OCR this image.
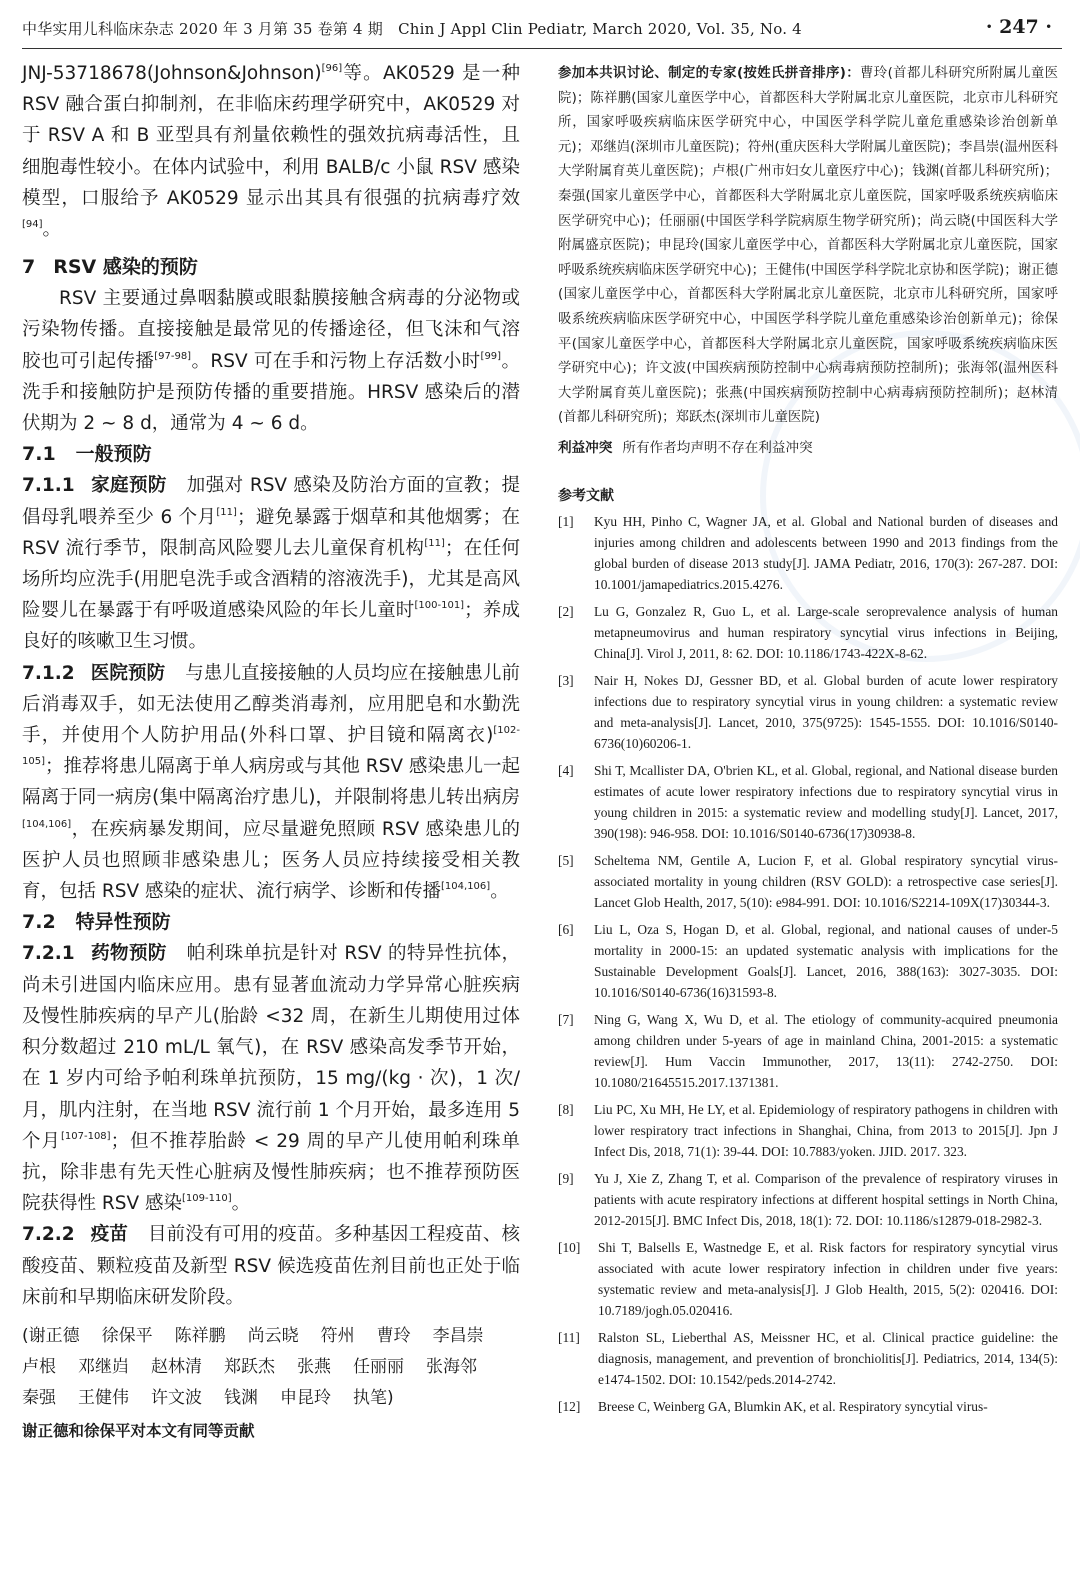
中华实用儿科临床杂志 2020 年 3 月第 35 卷第 4 期　Chin J Appl Clin Pediatr, March 2020, Vol. 35, No. 4	· 247 ·

JNJ-53718678(Johnson&Johnson)[96]等。AK0529 是一种 RSV 融合蛋白抑制剂，在非临床药理学研究中，AK0529 对于 RSV A 和 B 亚型具有剂量依赖性的强效抗病毒活性，且细胞毒性较小。在体内试验中，利用 BALB/c 小鼠 RSV 感染模型，口服给予 AK0529 显示出其具有很强的抗病毒疗效[94]。

7 RSV 感染的预防

RSV 主要通过鼻咽黏膜或眼黏膜接触含病毒的分泌物或污染物传播。直接接触是最常见的传播途径，但飞沫和气溶胶也可引起传播[97-98]。RSV 可在手和污物上存活数小时[99]。洗手和接触防护是预防传播的重要措施。HRSV 感染后的潜伏期为 2 ~ 8 d，通常为 4 ~ 6 d。

7.1 一般预防

7.1.1 家庭预防 加强对 RSV 感染及防治方面的宣教；提倡母乳喂养至少 6 个月[11]；避免暴露于烟草和其他烟雾；在 RSV 流行季节，限制高风险婴儿去儿童保育机构[11]；在任何场所均应洗手(用肥皂洗手或含酒精的溶液洗手)，尤其是高风险婴儿在暴露于有呼吸道感染风险的年长儿童时[100-101]；养成良好的咳嗽卫生习惯。

7.1.2 医院预防 与患儿直接接触的人员均应在接触患儿前后消毒双手，如无法使用乙醇类消毒剂，应用肥皂和水勤洗手，并使用个人防护用品(外科口罩、护目镜和隔离衣)[102-105]；推荐将患儿隔离于单人病房或与其他 RSV 感染患儿一起隔离于同一病房(集中隔离治疗患儿)，并限制将患儿转出病房[104,106]，在疾病暴发期间，应尽量避免照顾 RSV 感染患儿的医护人员也照顾非感染患儿；医务人员应持续接受相关教育，包括 RSV 感染的症状、流行病学、诊断和传播[104,106]。

7.2 特异性预防

7.2.1 药物预防 帕利珠单抗是针对 RSV 的特异性抗体，尚未引进国内临床应用。患有显著血流动力学异常心脏疾病及慢性肺疾病的早产儿(胎龄 <32 周，在新生儿期使用过体积分数超过 210 mL/L 氧气)，在 RSV 感染高发季节开始，在 1 岁内可给予帕利珠单抗预防，15 mg/(kg · 次)，1 次/月，肌内注射，在当地 RSV 流行前 1 个月开始，最多连用 5 个月[107-108]；但不推荐胎龄 < 29 周的早产儿使用帕利珠单抗，除非患有先天性心脏病及慢性肺疾病；也不推荐预防医院获得性 RSV 感染[109-110]。

7.2.2 疫苗 目前没有可用的疫苗。多种基因工程疫苗、核酸疫苗、颗粒疫苗及新型 RSV 候选疫苗佐剂目前也正处于临床前和早期临床研发阶段。

(谢正德 徐保平 陈祥鹏 尚云晓 符州 曹玲 李昌崇卢根 邓继岿 赵林清 郑跃杰 张燕 任丽丽 张海邻秦强 王健伟 许文波 钱渊 申昆玲 执笔)

谢正德和徐保平对本文有同等贡献

参加本共识讨论、制定的专家(按姓氏拼音排序)：曹玲(首都儿科研究所附属儿童医院)；陈祥鹏(国家儿童医学中心，首都医科大学附属北京儿童医院，北京市儿科研究所，国家呼吸疾病临床医学研究中心，中国医学科学院儿童危重感染诊治创新单元)；邓继岿(深圳市儿童医院)；符州(重庆医科大学附属儿童医院)；李昌崇(温州医科大学附属育英儿童医院)；卢根(广州市妇女儿童医疗中心)；钱渊(首都儿科研究所)；秦强(国家儿童医学中心，首都医科大学附属北京儿童医院，国家呼吸系统疾病临床医学研究中心)；任丽丽(中国医学科学院病原生物学研究所)；尚云晓(中国医科大学附属盛京医院)；申昆玲(国家儿童医学中心，首都医科大学附属北京儿童医院，国家呼吸系统疾病临床医学研究中心)；王健伟(中国医学科学院北京协和医学院)；谢正德(国家儿童医学中心，首都医科大学附属北京儿童医院，北京市儿科研究所，国家呼吸系统疾病临床医学研究中心，中国医学科学院儿童危重感染诊治创新单元)；徐保平(国家儿童医学中心，首都医科大学附属北京儿童医院，国家呼吸系统疾病临床医学研究中心)；许文波(中国疾病预防控制中心病毒病预防控制所)；张海邻(温州医科大学附属育英儿童医院)；张燕(中国疾病预防控制中心病毒病预防控制所)；赵林清(首都儿科研究所)；郑跃杰(深圳市儿童医院)

利益冲突 所有作者均声明不存在利益冲突

参考文献

[1] Kyu HH, Pinho C, Wagner JA, et al. Global and National burden of diseases and injuries among children and adolescents between 1990 and 2013 findings from the global burden of disease 2013 study[J]. JAMA Pediatr, 2016, 170(3): 267-287. DOI: 10.1001/jamapediatrics.2015.4276.

[2] Lu G, Gonzalez R, Guo L, et al. Large-scale seroprevalence analysis of human metapneumovirus and human respiratory syncytial virus infections in Beijing, China[J]. Virol J, 2011, 8: 62. DOI: 10.1186/1743-422X-8-62.

[3] Nair H, Nokes DJ, Gessner BD, et al. Global burden of acute lower respiratory infections due to respiratory syncytial virus in young children: a systematic review and meta-analysis[J]. Lancet, 2010, 375(9725): 1545-1555. DOI: 10.1016/S0140-6736(10)60206-1.

[4] Shi T, Mcallister DA, O'brien KL, et al. Global, regional, and National disease burden estimates of acute lower respiratory infections due to respiratory syncytial virus in young children in 2015: a systematic review and modelling study[J]. Lancet, 2017, 390(198): 946-958. DOI: 10.1016/S0140-6736(17)30938-8.

[5] Scheltema NM, Gentile A, Lucion F, et al. Global respiratory syncytial virus-associated mortality in young children (RSV GOLD): a retrospective case series[J]. Lancet Glob Health, 2017, 5(10): e984-991. DOI: 10.1016/S2214-109X(17)30344-3.

[6] Liu L, Oza S, Hogan D, et al. Global, regional, and national causes of under-5 mortality in 2000-15: an updated systematic analysis with implications for the Sustainable Development Goals[J]. Lancet, 2016, 388(163): 3027-3035. DOI: 10.1016/S0140-6736(16)31593-8.

[7] Ning G, Wang X, Wu D, et al. The etiology of community-acquired pneumonia among children under 5-years of age in mainland China, 2001-2015: a systematic review[J]. Hum Vaccin Immunother, 2017, 13(11): 2742-2750. DOI: 10.1080/21645515.2017.1371381.

[8] Liu PC, Xu MH, He LY, et al. Epidemiology of respiratory pathogens in children with lower respiratory tract infections in Shanghai, China, from 2013 to 2015[J]. Jpn J Infect Dis, 2018, 71(1): 39-44. DOI: 10.7883/yoken. JJID. 2017. 323.

[9] Yu J, Xie Z, Zhang T, et al. Comparison of the prevalence of respiratory viruses in patients with acute respiratory infections at different hospital settings in North China, 2012-2015[J]. BMC Infect Dis, 2018, 18(1): 72. DOI: 10.1186/s12879-018-2982-3.

[10] Shi T, Balsells E, Wastnedge E, et al. Risk factors for respiratory syncytial virus associated with acute lower respiratory infection in children under five years: systematic review and meta-analysis[J]. J Glob Health, 2015, 5(2): 020416. DOI: 10.7189/jogh.05.020416.

[11] Ralston SL, Lieberthal AS, Meissner HC, et al. Clinical practice guideline: the diagnosis, management, and prevention of bronchiolitis[J]. Pediatrics, 2014, 134(5): e1474-1502. DOI: 10.1542/peds.2014-2742.

[12] Breese C, Weinberg GA, Blumkin AK, et al. Respiratory syncytial virus-
